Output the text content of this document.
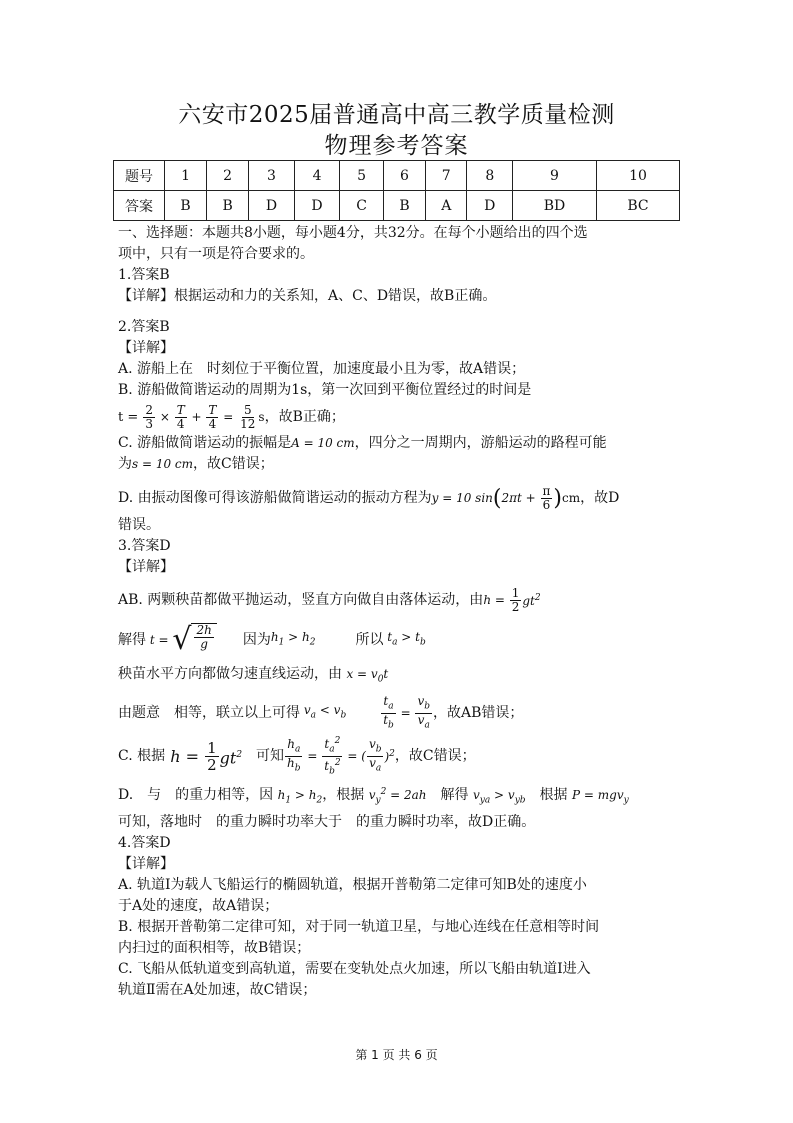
六安市2025届普通高中高三教学质量检测
物理参考答案
题号	1	2	3	4	5	6	7	8	9	10
答案	B	B	D	D	C	B	A	D	BD	BC
一、选择题：本题共8小题，每小题4分，共32分。在每个小题给出的四个选
项中，只有一项是符合要求的。
1.答案B
【详解】根据运动和力的关系知，A、C、D错误，故B正确。
2.答案B
【详解】
A. 游船上在　时刻位于平衡位置，加速度最小且为零，故A错误；
B. 游船做简谐运动的周期为1s，第一次回到平衡位置经过的时间是
$t = \frac{2}{3} \times \frac{T}{4} + \frac{T}{4} = \frac{5}{12}$ s ，故B正确；
C. 游船做简谐运动的振幅是A = 10 cm，四分之一周期内，游船运动的路程可能
为s = 10 cm，故C错误；
D. 由振动图像可得该游船做简谐运动的振动方程为 y = 10 sin ( $2\pi t + \frac{\pi}{6}$ ) cm ，故D
错误。
3.答案D
【详解】
AB. 两颗秧苗都做平抛运动，竖直方向做自由落体运动，由 $h = \frac{1}{2} gt^2$
解得 t = √ $\frac{2h}{g}$ 因为 $h_1 > h_2$	所以 $t_a > t_b$
秧苗水平方向都做匀速直线运动，由 $x = v_0t$
由题意　相等，联立以上可得 $v_a < v_b$	$\frac{t_a}{t_b} = \frac{v_b}{v_a}$ ，故AB错误；
C. 根据 $h = \frac{1}{2} gt^2$ 可知 $\frac{h_a}{h_b} = \frac{t_a^2}{t_b^2}$ = ( $\frac{v_b}{v_a} )^2$ ，故C错误；
D.　与　的重力相等，因 $h_1 > h_2$，根据 $v_y^2 = 2ah$　解得 $v_{ya} > v_{yb}$　根据 P = mgv$_y$
可知，落地时　的重力瞬时功率大于　的重力瞬时功率，故D正确。
4.答案D
【详解】
A. 轨道Ⅰ为载人飞船运行的椭圆轨道，根据开普勒第二定律可知B处的速度小
于A处的速度，故A错误；
B. 根据开普勒第二定律可知，对于同一轨道卫星，与地心连线在任意相等时间
内扫过的面积相等，故B错误；
C. 飞船从低轨道变到高轨道，需要在变轨处点火加速，所以飞船由轨道Ⅰ进入
轨道Ⅱ需在A处加速，故C错误；
第 1 页 共 6 页
